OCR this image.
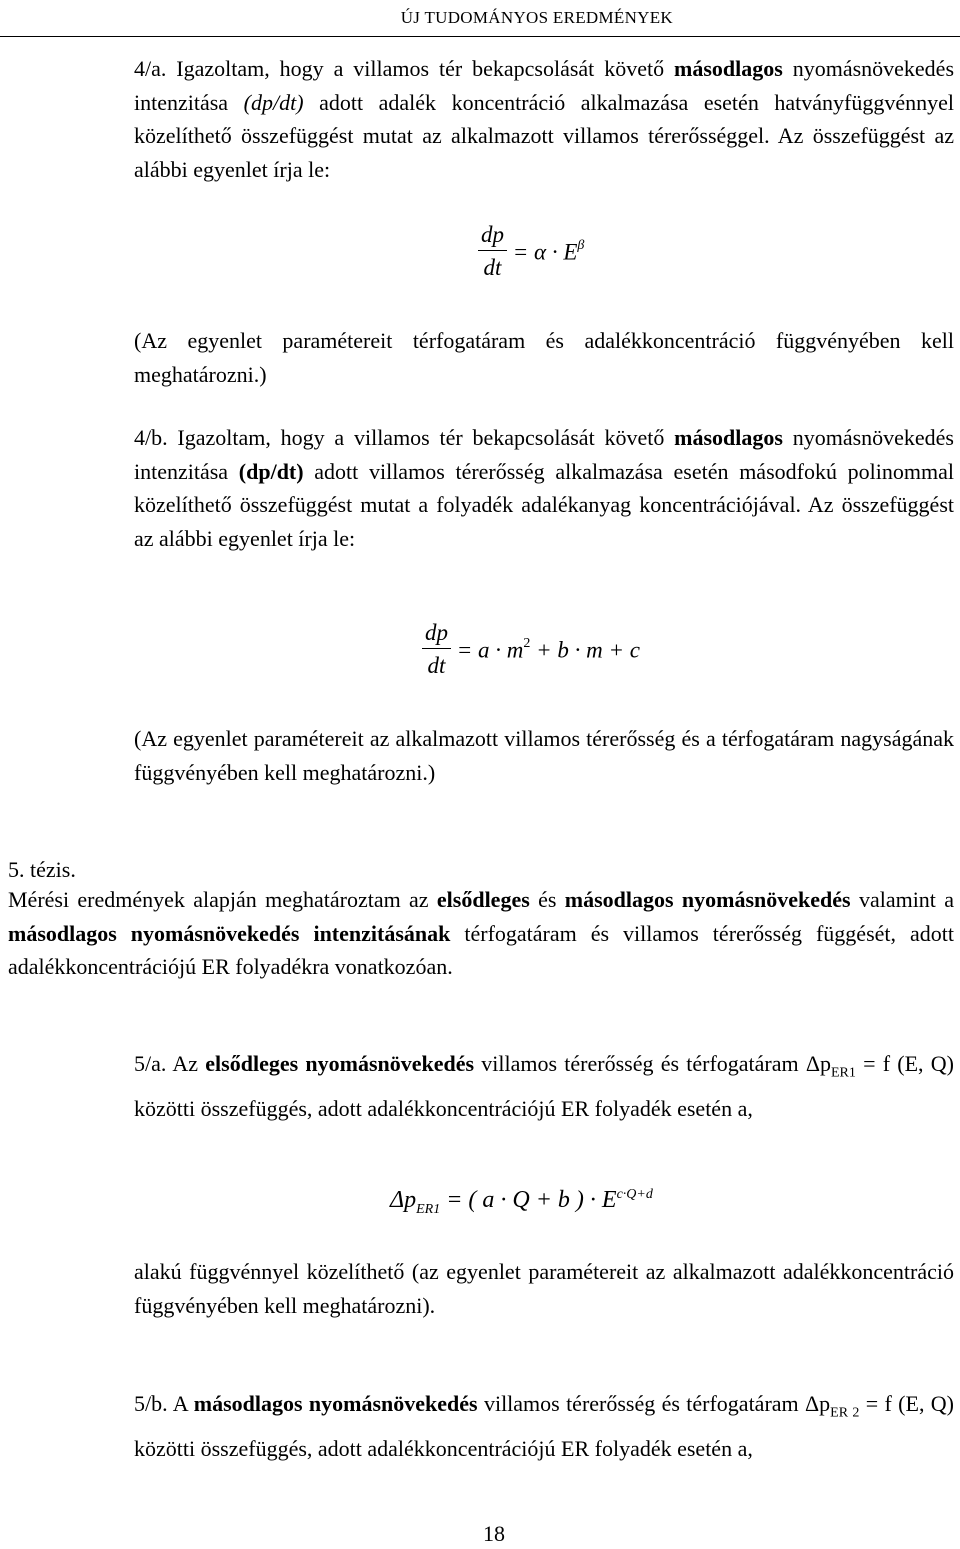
ÚJ TUDOMÁNYOS EREDMÉNYEK

4/a. Igazoltam, hogy a villamos tér bekapcsolását követő másodlagos nyomásnövekedés intenzitása (dp/dt) adott adalék koncentráció alkalmazása esetén hatványfüggvénnyel közelíthető összefüggést mutat az alkalmazott villamos térerősséggel. Az összefüggést az alábbi egyenlet írja le:

$\frac{dp}{dt} = \alpha \cdot E^\beta$

(Az egyenlet paramétereit térfogatáram és adalékkoncentráció függvényében kell meghatározni.)

4/b. Igazoltam, hogy a villamos tér bekapcsolását követő másodlagos nyomásnövekedés intenzitása (dp/dt) adott villamos térerősség alkalmazása esetén másodfokú polinommal közelíthető összefüggést mutat a folyadék adalékanyag koncentrációjával. Az összefüggést az alábbi egyenlet írja le:

$\frac{dp}{dt} = a \cdot m^2 + b \cdot m + c$

(Az egyenlet paramétereit az alkalmazott villamos térerősség és a térfogatáram nagyságának függvényében kell meghatározni.)

5. tézis.

Mérési eredmények alapján meghatároztam az elsődleges és másodlagos nyomásnövekedés valamint a másodlagos nyomásnövekedés intenzitásának térfogatáram és villamos térerősség függését, adott adalékkoncentrációjú ER folyadékra vonatkozóan.

5/a. Az elsődleges nyomásnövekedés villamos térerősség és térfogatáram $\Delta p_{ER1} = f$ (E, Q) közötti összefüggés, adott adalékkoncentrációjú ER folyadék esetén a,

$\Delta p_{ER1}$ = ( a · Q + b ) · $E^{c\cdot Q+d}$

alakú függvénnyel közelíthető (az egyenlet paramétereit az alkalmazott adalékkoncentráció függvényében kell meghatározni).

5/b. A másodlagos nyomásnövekedés villamos térerősség és térfogatáram $\Delta p_{ER 2} = f$ (E, Q) közötti összefüggés, adott adalékkoncentrációjú ER folyadék esetén a,

18
